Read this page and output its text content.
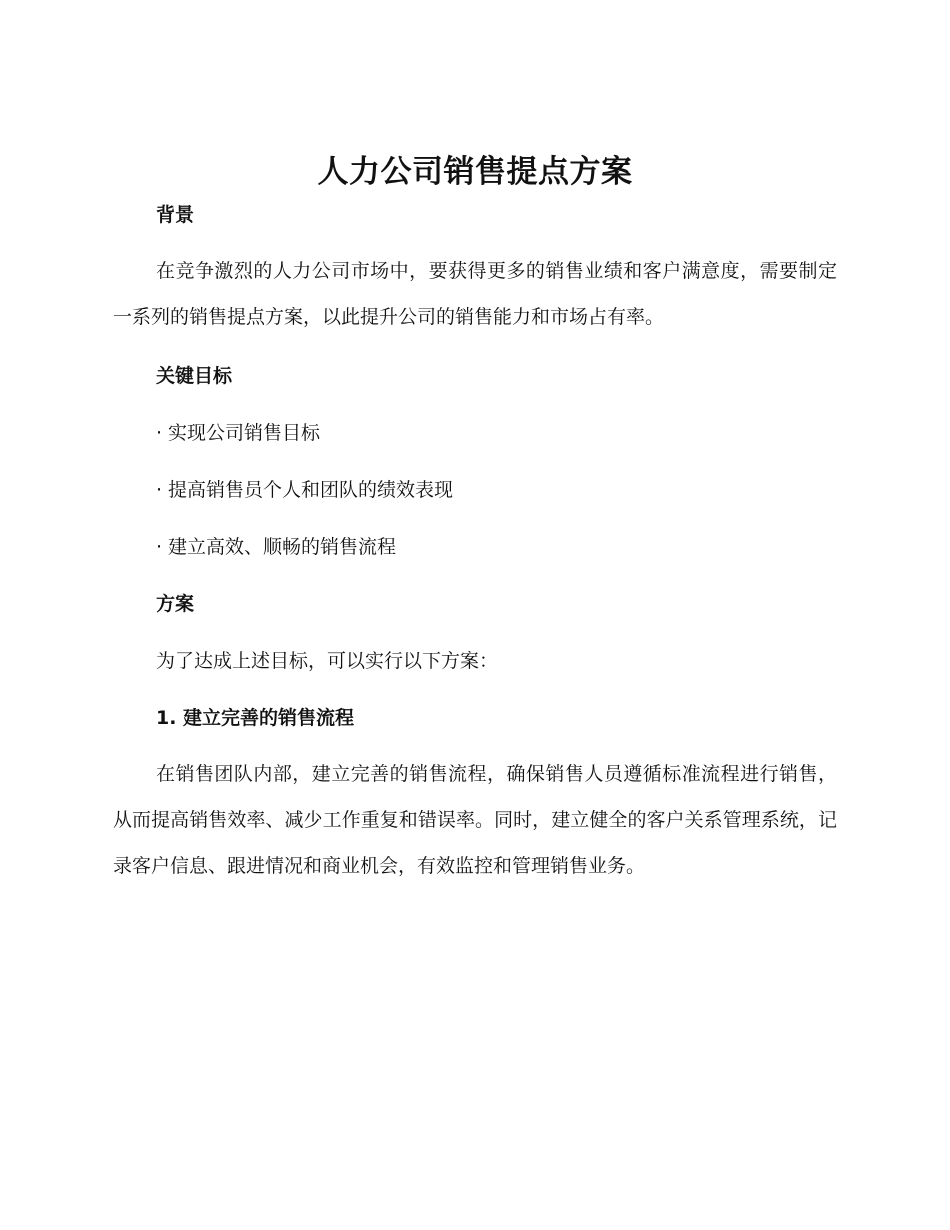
人力公司销售提点方案
背景

在竞争激烈的人力公司市场中，要获得更多的销售业绩和客户满意度，需要制定一系列的销售提点方案，以此提升公司的销售能力和市场占有率。

关键目标

· 实现公司销售目标

· 提高销售员个人和团队的绩效表现

· 建立高效、顺畅的销售流程

方案

为了达成上述目标，可以实行以下方案：

1. 建立完善的销售流程

在销售团队内部，建立完善的销售流程，确保销售人员遵循标准流程进行销售，从而提高销售效率、减少工作重复和错误率。同时，建立健全的客户关系管理系统，记录客户信息、跟进情况和商业机会，有效监控和管理销售业务。
